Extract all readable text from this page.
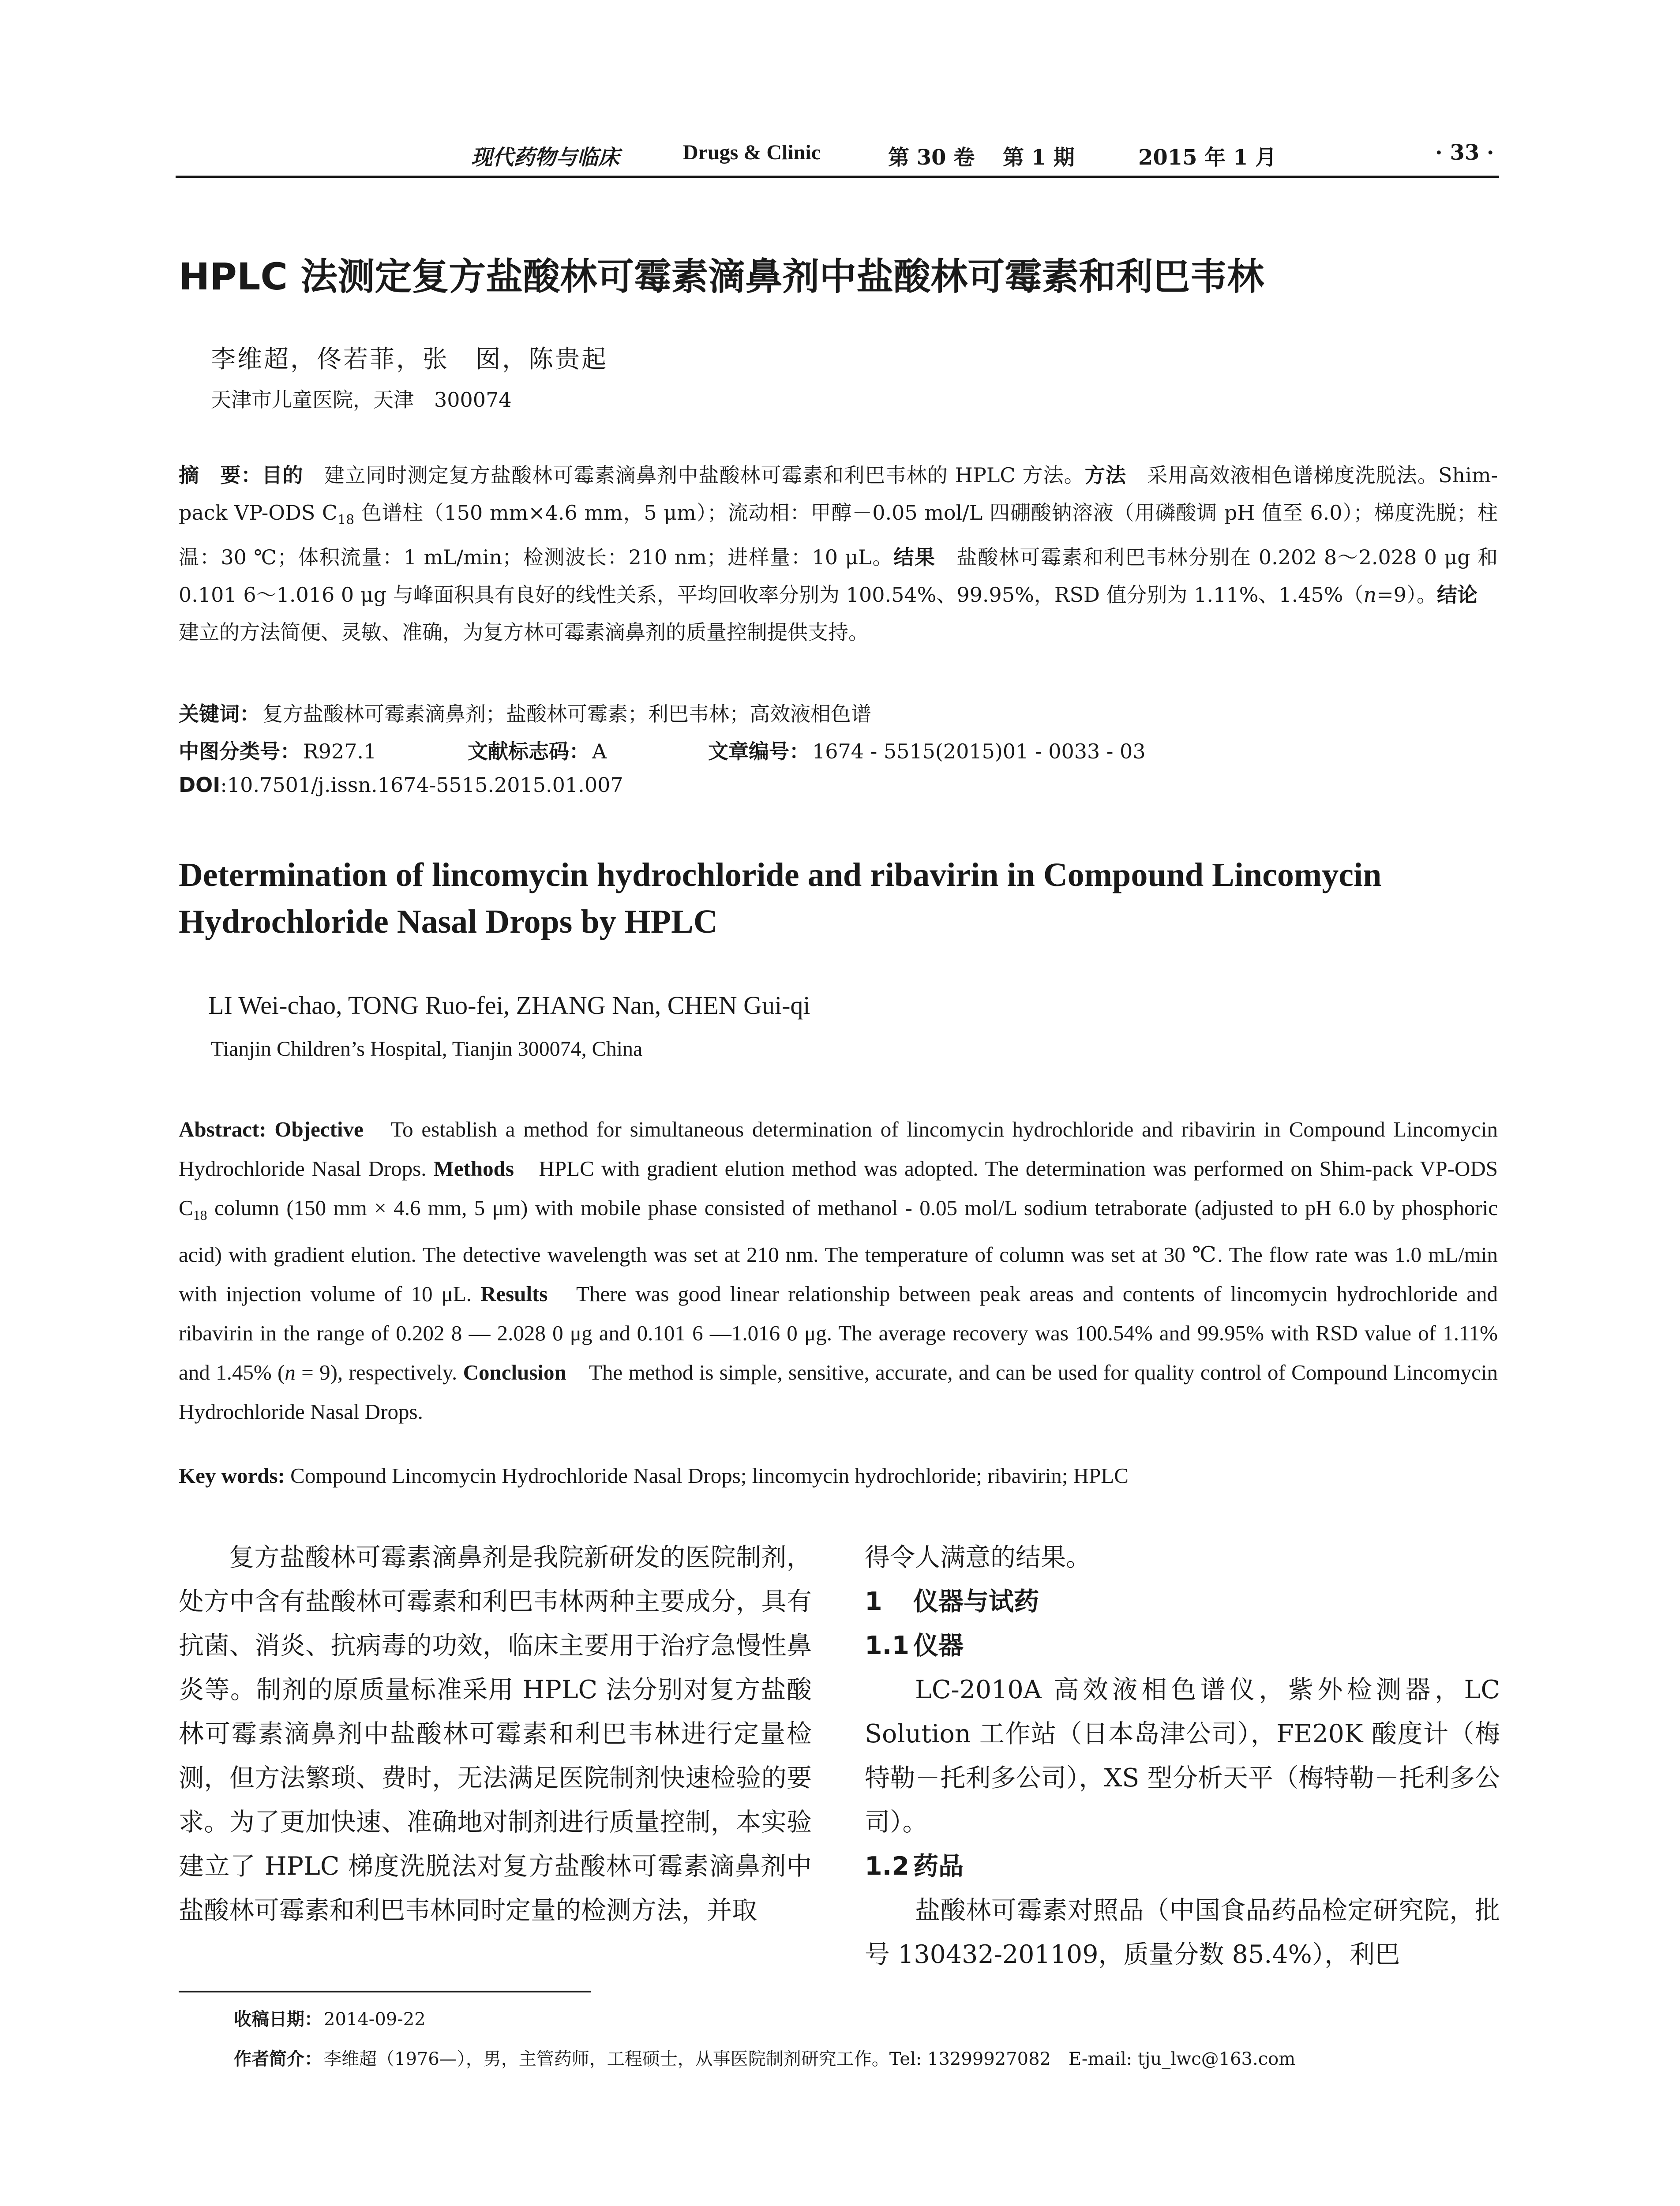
现代药物与临床	Drugs & Clinic	第 30 卷 第 1 期	2015 年 1 月	· 33 ·
HPLC 法测定复方盐酸林可霉素滴鼻剂中盐酸林可霉素和利巴韦林
李维超，佟若菲，张　囡，陈贵起
天津市儿童医院，天津　300074
摘　要：目的　建立同时测定复方盐酸林可霉素滴鼻剂中盐酸林可霉素和利巴韦林的 HPLC 方法。方法　采用高效液相色谱梯度洗脱法。Shim-pack VP-ODS $C_{18}$ 色谱柱（150 mm×4.6 mm，5 μm）；流动相：甲醇－0.05 mol/L 四硼酸钠溶液（用磷酸调 pH 值至 6.0）；梯度洗脱；柱温：30 ℃；体积流量：1 mL/min；检测波长：210 nm；进样量：10 μL。结果　盐酸林可霉素和利巴韦林分别在 0.202 8～2.028 0 μg 和 0.101 6～1.016 0 μg 与峰面积具有良好的线性关系，平均回收率分别为 100.54%、99.95%，RSD 值分别为 1.11%、1.45%（n=9）。结论　建立的方法简便、灵敏、准确，为复方林可霉素滴鼻剂的质量控制提供支持。
关键词： 复方盐酸林可霉素滴鼻剂；盐酸林可霉素；利巴韦林；高效液相色谱
中图分类号： R927.1	文献标志码： A	文章编号： 1674 - 5515(2015)01 - 0033 - 03
DOI:10.7501/j.issn.1674-5515.2015.01.007
Determination of lincomycin hydrochloride and ribavirin in Compound Lincomycin Hydrochloride Nasal Drops by HPLC
LI Wei-chao, TONG Ruo-fei, ZHANG Nan, CHEN Gui-qi
Tianjin Children’s Hospital, Tianjin 300074, China
Abstract: Objective　To establish a method for simultaneous determination of lincomycin hydrochloride and ribavirin in Compound Lincomycin Hydrochloride Nasal Drops. Methods　HPLC with gradient elution method was adopted. The determination was performed on Shim-pack VP-ODS $C_{18}$ column (150 mm × 4.6 mm, 5 μm) with mobile phase consisted of methanol - 0.05 mol/L sodium tetraborate (adjusted to pH 6.0 by phosphoric acid) with gradient elution. The detective wavelength was set at 210 nm. The temperature of column was set at 30 ℃. The flow rate was 1.0 mL/min with injection volume of 10 μL. Results　There was good linear relationship between peak areas and contents of lincomycin hydrochloride and ribavirin in the range of 0.202 8 — 2.028 0 μg and 0.101 6 —1.016 0 μg. The average recovery was 100.54% and 99.95% with RSD value of 1.11% and 1.45% (n = 9), respectively. Conclusion　The method is simple, sensitive, accurate, and can be used for quality control of Compound Lincomycin Hydrochloride Nasal Drops.
Key words: Compound Lincomycin Hydrochloride Nasal Drops; lincomycin hydrochloride; ribavirin; HPLC

复方盐酸林可霉素滴鼻剂是我院新研发的医院制剂，处方中含有盐酸林可霉素和利巴韦林两种主要成分，具有抗菌、消炎、抗病毒的功效，临床主要用于治疗急慢性鼻炎等。制剂的原质量标准采用 HPLC 法分别对复方盐酸林可霉素滴鼻剂中盐酸林可霉素和利巴韦林进行定量检测，但方法繁琐、费时，无法满足医院制剂快速检验的要求。为了更加快速、准确地对制剂进行质量控制，本实验建立了 HPLC 梯度洗脱法对复方盐酸林可霉素滴鼻剂中盐酸林可霉素和利巴韦林同时定量的检测方法，并取

得令人满意的结果。

1 仪器与试药

1.1 仪器

LC-2010A 高效液相色谱仪，紫外检测器，LC Solution 工作站（日本岛津公司），FE20K 酸度计（梅特勒－托利多公司），XS 型分析天平（梅特勒－托利多公司）。

1.2 药品

盐酸林可霉素对照品（中国食品药品检定研究院，批号 130432-201109，质量分数 85.4%），利巴

收稿日期： 2014-09-22
作者简介： 李维超（1976—），男，主管药师，工程硕士，从事医院制剂研究工作。Tel: 13299927082　E-mail: tju_lwc@163.com
